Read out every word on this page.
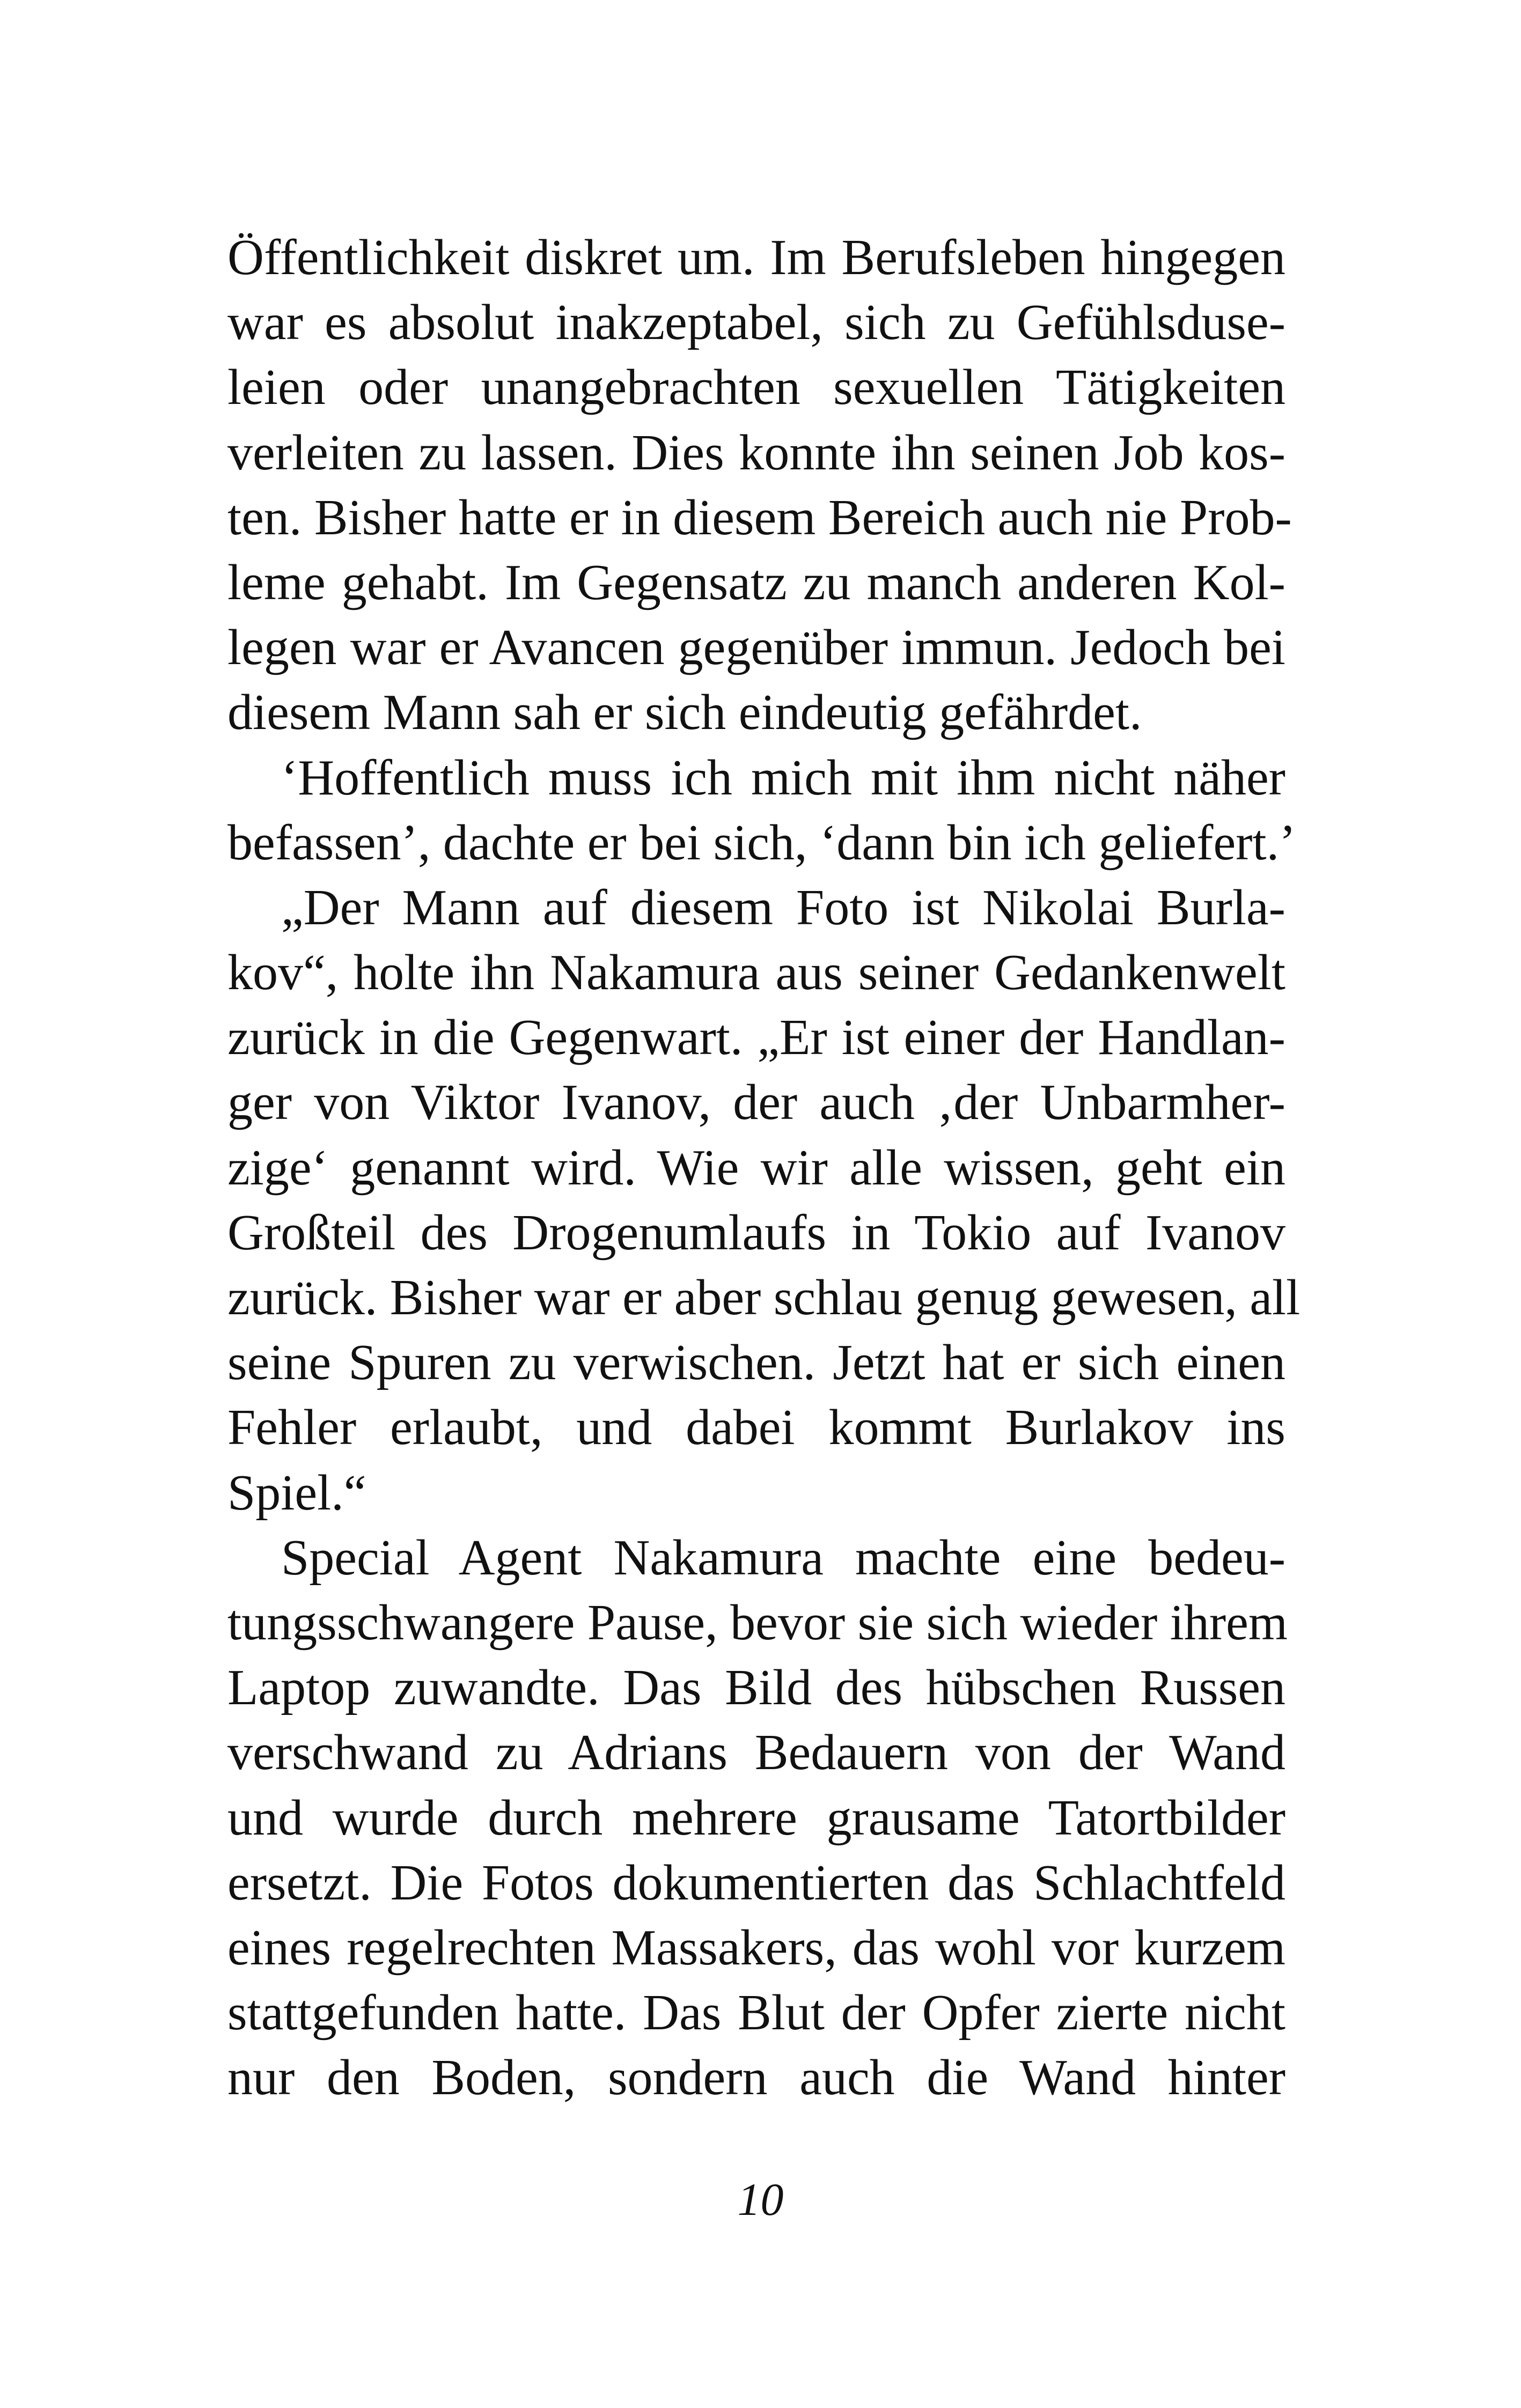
Öffentlichkeit diskret um. Im Berufsleben hingegen
war es absolut inakzeptabel, sich zu Gefühlsduse-
leien oder unangebrachten sexuellen Tätigkeiten
verleiten zu lassen. Dies konnte ihn seinen Job kos-
ten. Bisher hatte er in diesem Bereich auch nie Prob-
leme gehabt. Im Gegensatz zu manch anderen Kol-
legen war er Avancen gegenüber immun. Jedoch bei
diesem Mann sah er sich eindeutig gefährdet.
‘Hoffentlich muss ich mich mit ihm nicht näher
befassen’, dachte er bei sich, ‘dann bin ich geliefert.’
„Der Mann auf diesem Foto ist Nikolai Burla-
kov“, holte ihn Nakamura aus seiner Gedankenwelt
zurück in die Gegenwart. „Er ist einer der Handlan-
ger von Viktor Ivanov, der auch ‚der Unbarmher-
zige‘ genannt wird. Wie wir alle wissen, geht ein
Großteil des Drogenumlaufs in Tokio auf Ivanov
zurück. Bisher war er aber schlau genug gewesen, all
seine Spuren zu verwischen. Jetzt hat er sich einen
Fehler erlaubt, und dabei kommt Burlakov ins
Spiel.“
Special Agent Nakamura machte eine bedeu-
tungsschwangere Pause, bevor sie sich wieder ihrem
Laptop zuwandte. Das Bild des hübschen Russen
verschwand zu Adrians Bedauern von der Wand
und wurde durch mehrere grausame Tatortbilder
ersetzt. Die Fotos dokumentierten das Schlachtfeld
eines regelrechten Massakers, das wohl vor kurzem
stattgefunden hatte. Das Blut der Opfer zierte nicht
nur den Boden, sondern auch die Wand hinter
10
